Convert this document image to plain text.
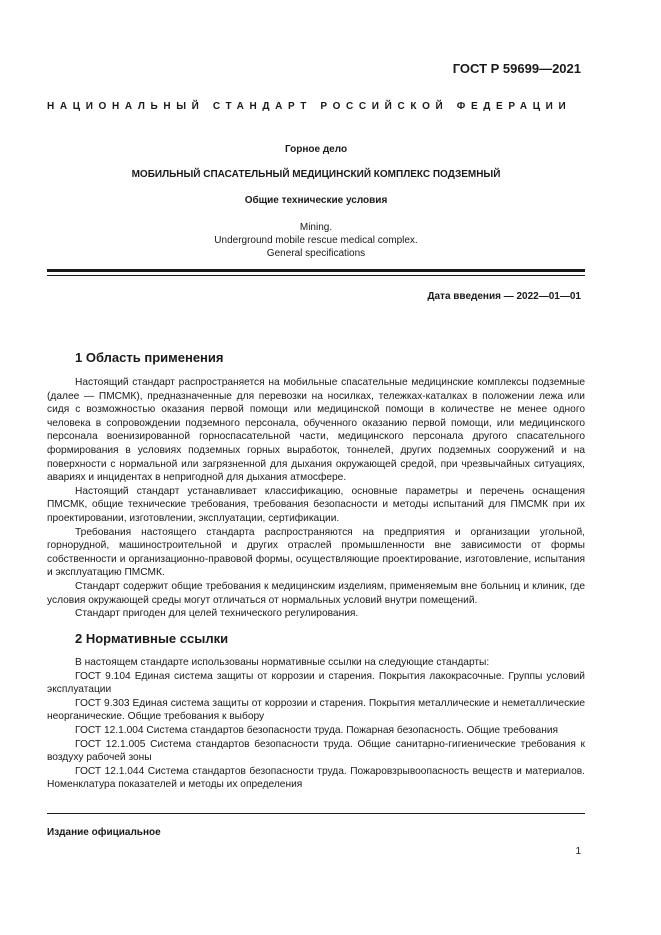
ГОСТ Р 59699—2021
НАЦИОНАЛЬНЫЙ СТАНДАРТ РОССИЙСКОЙ ФЕДЕРАЦИИ
Горное дело
МОБИЛЬНЫЙ СПАСАТЕЛЬНЫЙ МЕДИЦИНСКИЙ КОМПЛЕКС ПОДЗЕМНЫЙ
Общие технические условия
Mining.
Underground mobile rescue medical complex.
General specifications
Дата введения — 2022—01—01
1 Область применения

Настоящий стандарт распространяется на мобильные спасательные медицинские комплексы подземные (далее — ПМСМК), предназначенные для перевозки на носилках, тележках-каталках в положении лежа или сидя с возможностью оказания первой помощи или медицинской помощи в количестве не менее одного человека в сопровождении подземного персонала, обученного оказанию первой помощи, или медицинского персонала военизированной горноспасательной части, медицинского персонала другого спасательного формирования в условиях подземных горных выработок, тоннелей, других подземных сооружений и на поверхности с нормальной или загрязненной для дыхания окружающей средой, при чрезвычайных ситуациях, авариях и инцидентах в непригодной для дыхания атмосфере.

Настоящий стандарт устанавливает классификацию, основные параметры и перечень оснащения ПМСМК, общие технические требования, требования безопасности и методы испытаний для ПМСМК при их проектировании, изготовлении, эксплуатации, сертификации.

Требования настоящего стандарта распространяются на предприятия и организации угольной, горнорудной, машиностроительной и других отраслей промышленности вне зависимости от формы собственности и организационно-правовой формы, осуществляющие проектирование, изготовление, испытания и эксплуатацию ПМСМК.

Стандарт содержит общие требования к медицинским изделиям, применяемым вне больниц и клиник, где условия окружающей среды могут отличаться от нормальных условий внутри помещений.

Стандарт пригоден для целей технического регулирования.

2 Нормативные ссылки

В настоящем стандарте использованы нормативные ссылки на следующие стандарты:

ГОСТ 9.104 Единая система защиты от коррозии и старения. Покрытия лакокрасочные. Группы условий эксплуатации

ГОСТ 9.303 Единая система защиты от коррозии и старения. Покрытия металлические и неметаллические неорганические. Общие требования к выбору

ГОСТ 12.1.004 Система стандартов безопасности труда. Пожарная безопасность. Общие требования

ГОСТ 12.1.005 Система стандартов безопасности труда. Общие санитарно-гигиенические требования к воздуху рабочей зоны

ГОСТ 12.1.044 Система стандартов безопасности труда. Пожаровзрывоопасность веществ и материалов. Номенклатура показателей и методы их определения

Издание официальное
1
